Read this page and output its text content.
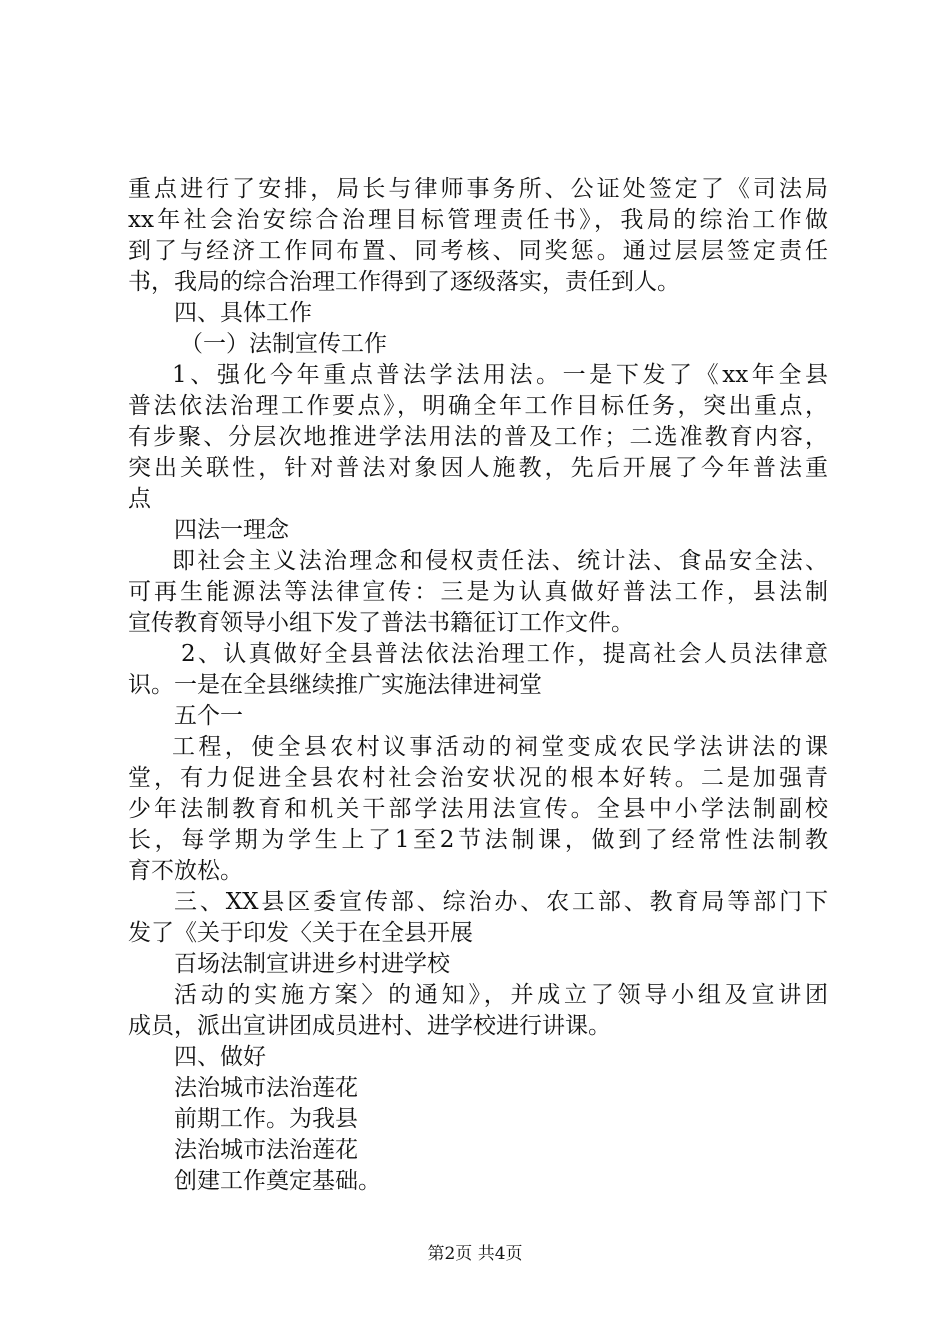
重点进行了安排，局长与律师事务所、公证处签定了《司法局
xx年社会治安综合治理目标管理责任书》，我局的综治工作做
到了与经济工作同布置、同考核、同奖惩。通过层层签定责任
书，我局的综合治理工作得到了逐级落实，责任到人。
四、具体工作
（一）法制宣传工作
1、强化今年重点普法学法用法。一是下发了《xx年全县
普法依法治理工作要点》，明确全年工作目标任务，突出重点，
有步聚、分层次地推进学法用法的普及工作；二选准教育内容，
突出关联性，针对普法对象因人施教，先后开展了今年普法重
点
四法一理念
即社会主义法治理念和侵权责任法、统计法、食品安全法、
可再生能源法等法律宣传：三是为认真做好普法工作，县法制
宣传教育领导小组下发了普法书籍征订工作文件。
2、认真做好全县普法依法治理工作，提高社会人员法律意
识。一是在全县继续推广实施法律进祠堂
五个一
工程，使全县农村议事活动的祠堂变成农民学法讲法的课
堂，有力促进全县农村社会治安状况的根本好转。二是加强青
少年法制教育和机关干部学法用法宣传。全县中小学法制副校
长，每学期为学生上了1至2节法制课，做到了经常性法制教
育不放松。
三、XX县区委宣传部、综治办、农工部、教育局等部门下
发了《关于印发〈关于在全县开展
百场法制宣讲进乡村进学校
活动的实施方案〉的通知》，并成立了领导小组及宣讲团
成员，派出宣讲团成员进村、进学校进行讲课。
四、做好
法治城市法治莲花
前期工作。为我县
法治城市法治莲花
创建工作奠定基础。
第2页 共4页
